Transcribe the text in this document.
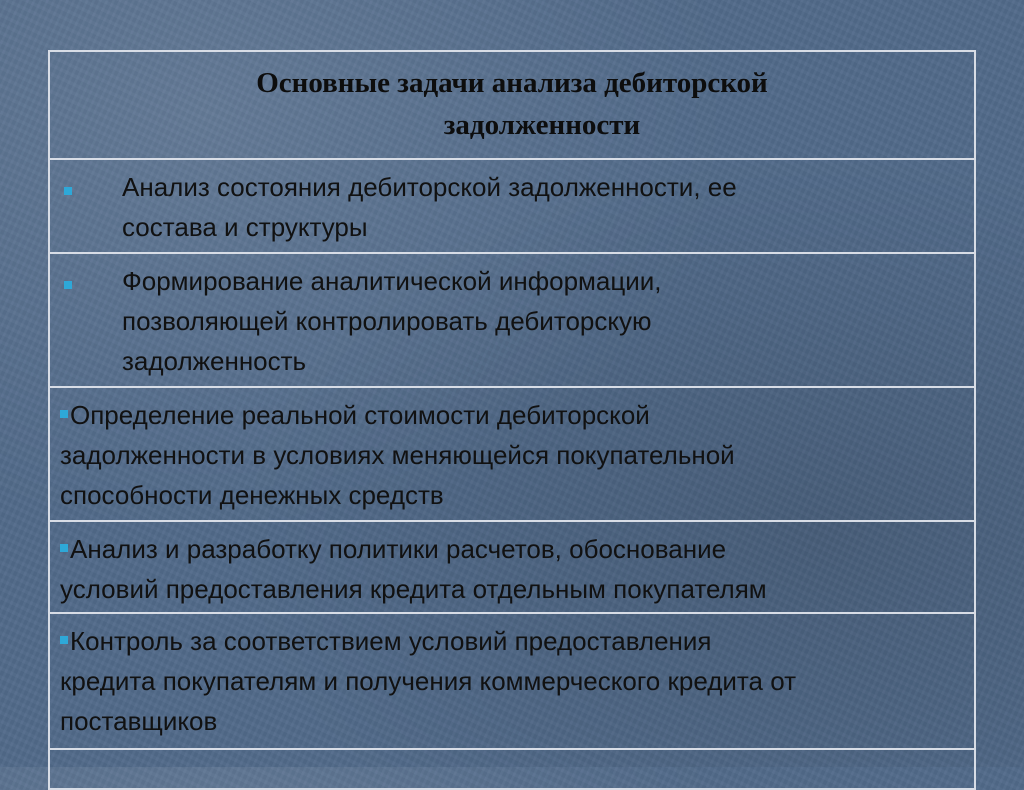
Основные задачи анализа дебиторской
задолженности
Анализ состояния дебиторской задолженности, ее
состава и структуры
Формирование аналитической информации,
позволяющей контролировать дебиторскую
задолженность
Определение реальной стоимости дебиторской
задолженности в условиях меняющейся покупательной
способности денежных средств
Анализ и разработку политики расчетов, обоснование
условий предоставления кредита отдельным покупателям
Контроль за соответствием условий предоставления
кредита покупателям и получения коммерческого кредита от
поставщиков
